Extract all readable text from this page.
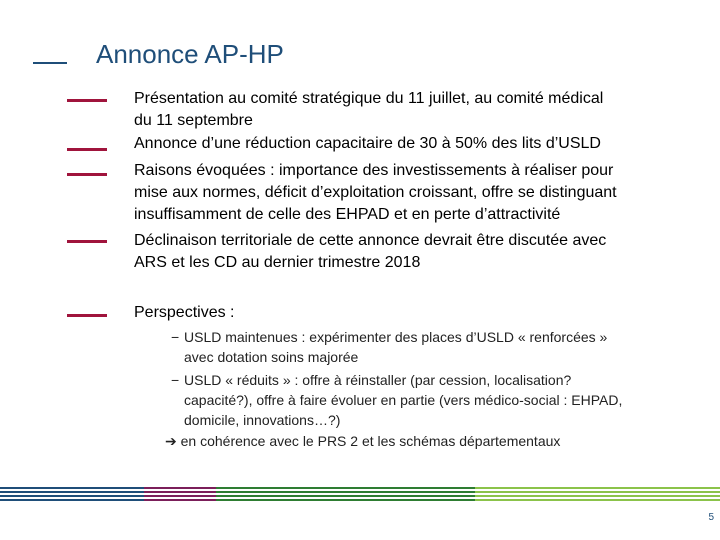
Annonce AP-HP
Présentation au comité stratégique du 11 juillet, au comité médical
du 11 septembre
Annonce d’une réduction capacitaire de 30 à 50% des lits d’USLD
Raisons évoquées : importance des investissements à réaliser pour
mise aux normes, déficit d’exploitation croissant, offre se distinguant
insuffisamment de celle des EHPAD et en perte d’attractivité
Déclinaison territoriale de cette annonce devrait être discutée avec
ARS et les CD au dernier trimestre 2018
Perspectives :
− USLD maintenues : expérimenter des places d’USLD « renforcées »
avec dotation soins majorée
− USLD « réduits » : offre à réinstaller (par cession, localisation?
capacité?), offre à faire évoluer en partie (vers médico-social : EHPAD,
domicile, innovations…?)
➔ en cohérence avec le PRS 2 et les schémas départementaux
5
